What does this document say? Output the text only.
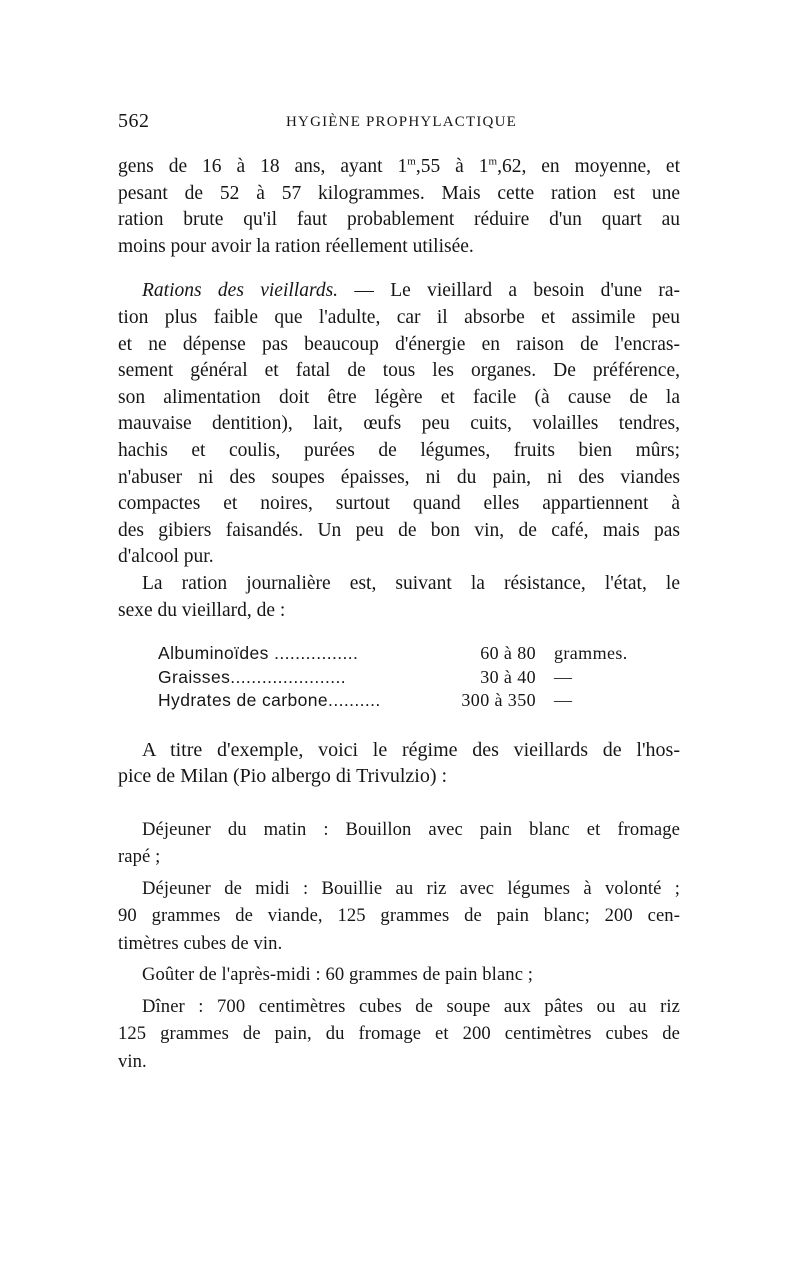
562	HYGIÈNE PROPHYLACTIQUE
gens de 16 à 18 ans, ayant 1$^m$,55 à 1$^m$,62, en moyenne, et
pesant de 52 à 57 kilogrammes. Mais cette ration est une
ration brute qu'il faut probablement réduire d'un quart au
moins pour avoir la ration réellement utilisée.
Rations des vieillards. — Le vieillard a besoin d'une ra-
tion plus faible que l'adulte, car il absorbe et assimile peu
et ne dépense pas beaucoup d'énergie en raison de l'encras-
sement général et fatal de tous les organes. De préférence,
son alimentation doit être légère et facile (à cause de la
mauvaise dentition), lait, œufs peu cuits, volailles tendres,
hachis et coulis, purées de légumes, fruits bien mûrs;
n'abuser ni des soupes épaisses, ni du pain, ni des viandes
compactes et noires, surtout quand elles appartiennent à
des gibiers faisandés. Un peu de bon vin, de café, mais pas
d'alcool pur.
La ration journalière est, suivant la résistance, l'état, le
sexe du vieillard, de :
Albuminoïdes ................	60 à 80	grammes.
Graisses......................	30 à 40	—
Hydrates de carbone..........	300 à 350	—
A titre d'exemple, voici le régime des vieillards de l'hos-
pice de Milan (Pio albergo di Trivulzio) :
Déjeuner du matin : Bouillon avec pain blanc et fromage
rapé ;
Déjeuner de midi : Bouillie au riz avec légumes à volonté ;
90 grammes de viande, 125 grammes de pain blanc; 200 cen-
timètres cubes de vin.
Goûter de l'après-midi : 60 grammes de pain blanc ;
Dîner : 700 centimètres cubes de soupe aux pâtes ou au riz
125 grammes de pain, du fromage et 200 centimètres cubes de
vin.
